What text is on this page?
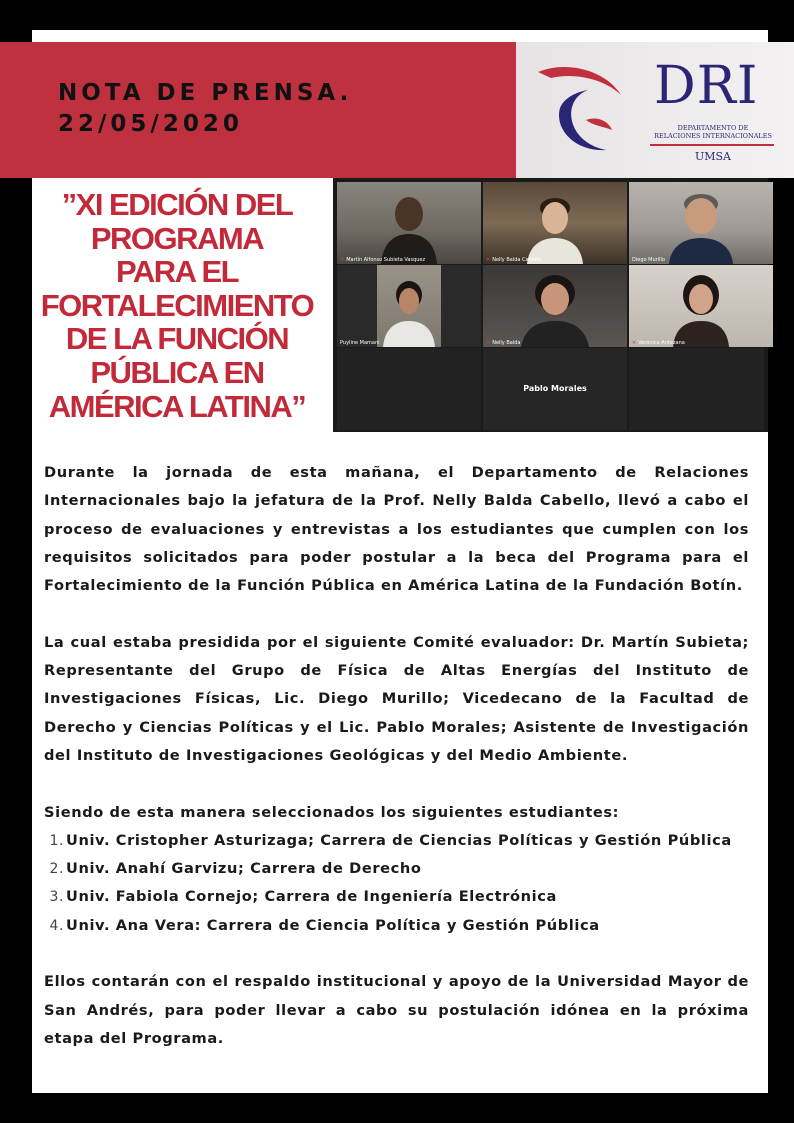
NOTA DE PRENSA.
22/05/2020
DRI
DEPARTAMENTO DE
RELACIONES INTERNACIONALES
UMSA
”XI EDICIÓN DEL
PROGRAMA
PARA EL
FORTALECIMIENTO
DE LA FUNCIÓN
PÚBLICA EN
AMÉRICA LATINA”
✕ Martín Alfonso Subieta Vasquez	✕ Nelly Balda Cabello	Diego Murillo
Puyline Mamani	✕ Nelly Balda	✕ Verónica Antezana
Pablo Morales

Durante la jornada de esta mañana, el Departamento de Relaciones Internacionales bajo la jefatura de la Prof. Nelly Balda Cabello, llevó a cabo el proceso de evaluaciones y entrevistas a los estudiantes que cumplen con los requisitos solicitados para poder postular a la beca del Programa para el Fortalecimiento de la Función Pública en América Latina de la Fundación Botín.

La cual estaba presidida por el siguiente Comité evaluador: Dr. Martín Subieta; Representante del Grupo de Física de Altas Energías del Instituto de Investigaciones Físicas, Lic. Diego Murillo; Vicedecano de la Facultad de Derecho y Ciencias Políticas y el Lic. Pablo Morales; Asistente de Investigación del Instituto de Investigaciones Geológicas y del Medio Ambiente.

Siendo de esta manera seleccionados los siguientes estudiantes:

1. Univ. Cristopher Asturizaga; Carrera de Ciencias Políticas y Gestión Pública
2. Univ. Anahí Garvizu; Carrera de Derecho
3. Univ. Fabiola Cornejo; Carrera de Ingeniería Electrónica
4. Univ. Ana Vera: Carrera de Ciencia Política y Gestión Pública

Ellos contarán con el respaldo institucional y apoyo de la Universidad Mayor de San Andrés, para poder llevar a cabo su postulación idónea en la próxima etapa del Programa.
